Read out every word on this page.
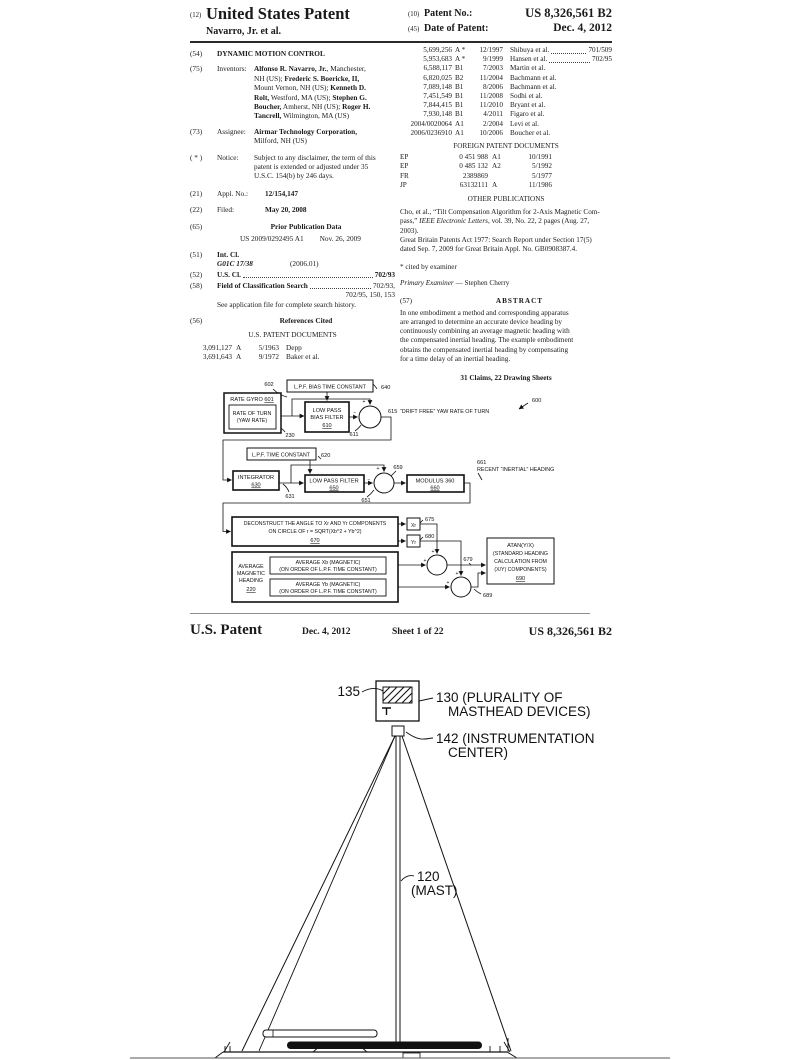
(12) United States Patent
Navarro, Jr. et al.
(10) Patent No.:	US 8,326,561 B2
(45) Date of Patent:	Dec. 4, 2012
(54)	DYNAMIC MOTION CONTROL
(75)	Inventors:	Alfonso R. Navarro, Jr., Manchester,
NH (US); Frederic S. Boericke, II,
Mount Vernon, NH (US); Kenneth D.
Rolt, Westford, MA (US); Stephen G.
Boucher, Amherst, NH (US); Roger H.
Tancrell, Wilmington, MA (US)
(73)	Assignee:	Airmar Technology Corporation,
Milford, NH (US)
( * )	Notice:	Subject to any disclaimer, the term of this
patent is extended or adjusted under 35
U.S.C. 154(b) by 246 days.
(21)	Appl. No.:	12/154,147
(22)	Filed:	May 20, 2008
(65)	Prior Publication Data
US 2009/0292495 A1 Nov. 26, 2009
(51)	Int. Cl.
G01C 17/38	(2006.01)
(52)	U.S. Cl.	702/93
(58)	Field of Classification Search	702/93,
702/95, 150, 153
See application file for complete search history.
(56)	References Cited
U.S. PATENT DOCUMENTS
3,091,127 A	5/1963 Depp
3,691,643 A	9/1972 Baker et al.
5,699,256 A *	12/1997 Shibuya et al.	701/509
5,953,683 A *	9/1999 Hansen et al.	702/95
6,588,117 B1	7/2003 Martin et al.
6,820,025 B2	11/2004 Bachmann et al.
7,089,148 B1	8/2006 Bachmann et al.
7,451,549 B1	11/2008 Sodhi et al.
7,844,415 B1	11/2010 Bryant et al.
7,930,148 B1	4/2011 Figaro et al.
2004/0020064 A1	2/2004 Levi et al.
2006/0236910 A1	10/2006 Boucher et al.
FOREIGN PATENT DOCUMENTS
EP	0 451 988 A1	10/1991
EP	0 485 132 A2	5/1992
FR	2389869	5/1977
JP	63132111 A	11/1986
OTHER PUBLICATIONS
Cho, et al., “Tilt Compensation Algorithm for 2-Axis Magnetic Com-
pass,” IEEE Electronic Letters, vol. 39, No. 22, 2 pages (Aug. 27,
2003).
Great Britain Patents Act 1977: Search Report under Section 17(5)
dated Sep. 7, 2009 for Great Britain Appl. No. GB0908387.4.
* cited by examiner
Primary Examiner — Stephen Cherry
(57)	ABSTRACT
In one embodiment a method and corresponding apparatus
are arranged to determine an accurate device heading by
continuously combining an average magnetic heading with
the compensated inertial heading. The example embodiment
obtains the compensated inertial heading by compensating
for a time delay of an inertial heading.
31 Claims, 22 Drawing Sheets
L.P.F. BIAS TIME CONSTANT	640
602
RATE GYRO 601
RATE OF TURN
(YAW RATE)
230
LOW PASS
BIAS FILTER
610
+
−
611
615 “DRIFT FREE” YAW RATE OF TURN
600
L.P.F. TIME CONSTANT 620
INTEGRATOR
630
631
LOW PASS FILTER
650
+
−
651
659
MODULUS 360
660
661
RECENT “INERTIAL” HEADING
DECONSTRUCT THE ANGLE TO Xr AND Yr COMPONENTS
ON CIRCLE OF r = SQRT(Xb^2 + Yb^2)
670
Xr
Yr
675
680
AVERAGE
MAGNETIC
HEADING
220
AVERAGE Xb (MAGNETIC)
(ON ORDER OF L.P.F. TIME CONSTANT)
AVERAGE Yb (MAGNETIC)
(ON ORDER OF L.P.F. TIME CONSTANT)
+
+
+
+
679
689
ATAN(Y/X)
(STANDARD HEADING
CALCULATION FROM
(X/Y) COMPONENTS)
690
U.S. Patent	Dec. 4, 2012	Sheet 1 of 22	US 8,326,561 B2
135	130 (PLURALITY OF
MASTHEAD DEVICES)
142 (INSTRUMENTATION
CENTER)
120
(MAST)
